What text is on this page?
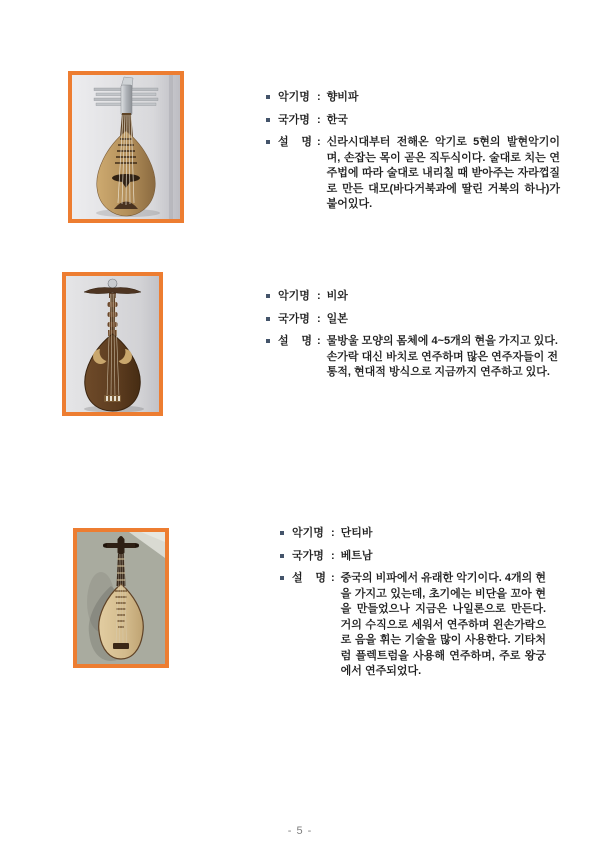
악기명 : 향비파
국가명 : 한국
설 명 : 신라시대부터 전해온 악기로 5현의 발현악기이며, 손잡는 목이 곧은 직두식이다. 술대로 치는 연주법에 따라 술대로 내리칠 때 받아주는 자라껍질로 만든 대모(바다거북과에 딸린 거북의 하나)가 붙어있다.
악기명 : 비와
국가명 : 일본
설 명 : 물방울 모양의 몸체에 4~5개의 현을 가지고 있다. 손가락 대신 바치로 연주하며 많은 연주자들이 전통적, 현대적 방식으로 지금까지 연주하고 있다.
악기명 : 단티바
국가명 : 베트남
설 명 : 중국의 비파에서 유래한 악기이다. 4개의 현을 가지고 있는데, 초기에는 비단을 꼬아 현을 만들었으나 지금은 나일론으로 만든다. 거의 수직으로 세워서 연주하며 왼손가락으로 음을 휘는 기술을 많이 사용한다. 기타처럼 플렉트럼을 사용해 연주하며, 주로 왕궁에서 연주되었다.
- 5 -
